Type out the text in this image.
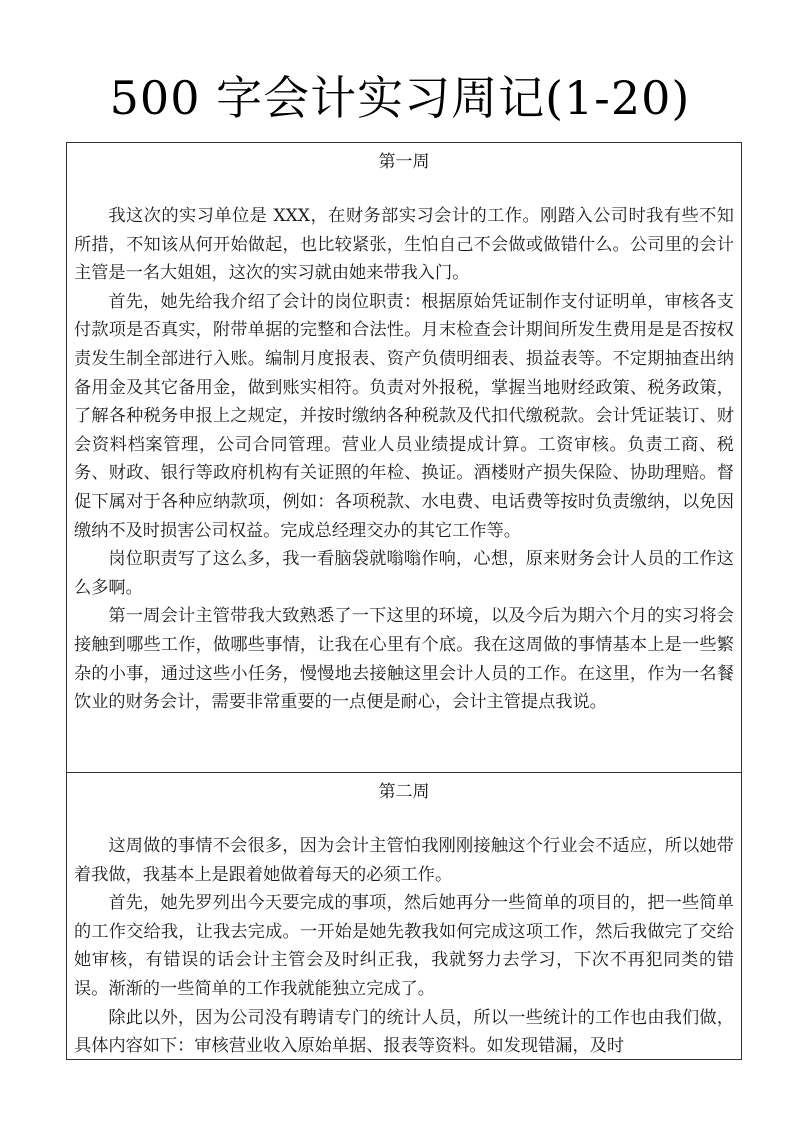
500 字会计实习周记(1-20)
第一周

我这次的实习单位是 XXX，在财务部实习会计的工作。刚踏入公司时我有些不知所措，不知该从何开始做起，也比较紧张，生怕自己不会做或做错什么。公司里的会计主管是一名大姐姐，这次的实习就由她来带我入门。

首先，她先给我介绍了会计的岗位职责：根据原始凭证制作支付证明单，审核各支付款项是否真实，附带单据的完整和合法性。月末检查会计期间所发生费用是是否按权责发生制全部进行入账。编制月度报表、资产负债明细表、损益表等。不定期抽查出纳备用金及其它备用金，做到账实相符。负责对外报税，掌握当地财经政策、税务政策，了解各种税务申报上之规定，并按时缴纳各种税款及代扣代缴税款。会计凭证装订、财会资料档案管理，公司合同管理。营业人员业绩提成计算。工资审核。负责工商、税务、财政、银行等政府机构有关证照的年检、换证。酒楼财产损失保险、协助理赔。督促下属对于各种应纳款项，例如：各项税款、水电费、电话费等按时负责缴纳，以免因缴纳不及时损害公司权益。完成总经理交办的其它工作等。

岗位职责写了这么多，我一看脑袋就嗡嗡作响，心想，原来财务会计人员的工作这么多啊。

第一周会计主管带我大致熟悉了一下这里的环境，以及今后为期六个月的实习将会接触到哪些工作，做哪些事情，让我在心里有个底。我在这周做的事情基本上是一些繁杂的小事，通过这些小任务，慢慢地去接触这里会计人员的工作。在这里，作为一名餐饮业的财务会计，需要非常重要的一点便是耐心，会计主管提点我说。

第二周

这周做的事情不会很多，因为会计主管怕我刚刚接触这个行业会不适应，所以她带着我做，我基本上是跟着她做着每天的必须工作。

首先，她先罗列出今天要完成的事项，然后她再分一些简单的项目的，把一些简单的工作交给我，让我去完成。一开始是她先教我如何完成这项工作，然后我做完了交给她审核，有错误的话会计主管会及时纠正我，我就努力去学习，下次不再犯同类的错误。渐渐的一些简单的工作我就能独立完成了。

除此以外，因为公司没有聘请专门的统计人员，所以一些统计的工作也由我们做，具体内容如下：审核营业收入原始单据、报表等资料。如发现错漏，及时
